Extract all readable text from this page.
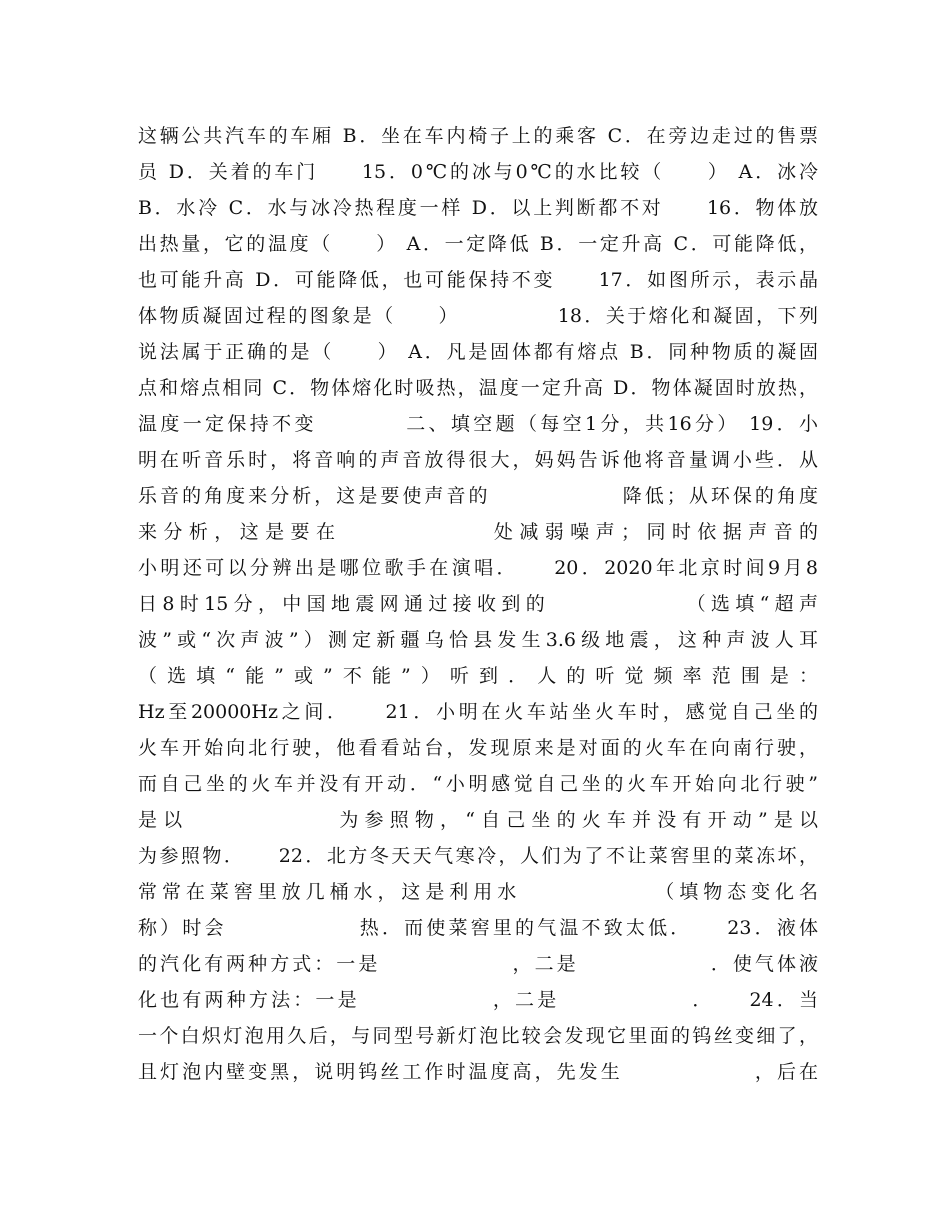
这辆公共汽车的车厢 B．坐在车内椅子上的乘客 C．在旁边走过的售票
员 D．关着的车门　　15．0℃的冰与0℃的水比较（　　） A．冰冷
B．水冷 C．水与冰冷热程度一样 D．以上判断都不对　　16．物体放
出热量，它的温度（　　） A．一定降低 B．一定升高 C．可能降低，
也可能升高 D．可能降低，也可能保持不变　　17．如图所示，表示晶
体物质凝固过程的图象是（　　）　　　　　18．关于熔化和凝固，下列
说法属于正确的是（　　） A．凡是固体都有熔点 B．同种物质的凝固
点和熔点相同 C．物体熔化时吸热，温度一定升高 D．物体凝固时放热，
温度一定保持不变　　　　二、填空题（每空1分，共16分） 19．小
明在听音乐时，将音响的声音放得很大，妈妈告诉他将音量调小些．从
乐音的角度来分析，这是要使声音的　　　　　　降低；从环保的角度
来分析，这是要在　　　　　　处减弱噪声；同时依据声音的
小明还可以分辨出是哪位歌手在演唱．　　20．2020年北京时间9月8
日8时15分，中国地震网通过接收到的　　　　　　（选填“超声
波”或“次声波”）测定新疆乌恰县发生3.6级地震，这种声波人耳
（选填“能”或”不能”）听到．人的听觉频率范围是：
Hz至20000Hz之间．　　21．小明在火车站坐火车时，感觉自己坐的
火车开始向北行驶，他看看站台，发现原来是对面的火车在向南行驶，
而自己坐的火车并没有开动．“小明感觉自己坐的火车开始向北行驶”
是以　　　　　　为参照物，“自己坐的火车并没有开动”是以
为参照物．　　22．北方冬天天气寒冷，人们为了不让菜窖里的菜冻坏，
常常在菜窖里放几桶水，这是利用水　　　　　　（填物态变化名
称）时会　　　　　　热．而使菜窖里的气温不致太低．　　23．液体
的汽化有两种方式：一是　　　　　　，二是　　　　　　．使气体液
化也有两种方法：一是　　　　　　，二是　　　　　　．　　24．当
一个白炽灯泡用久后，与同型号新灯泡比较会发现它里面的钨丝变细了，
且灯泡内壁变黑，说明钨丝工作时温度高，先发生　　　　　　，后在
